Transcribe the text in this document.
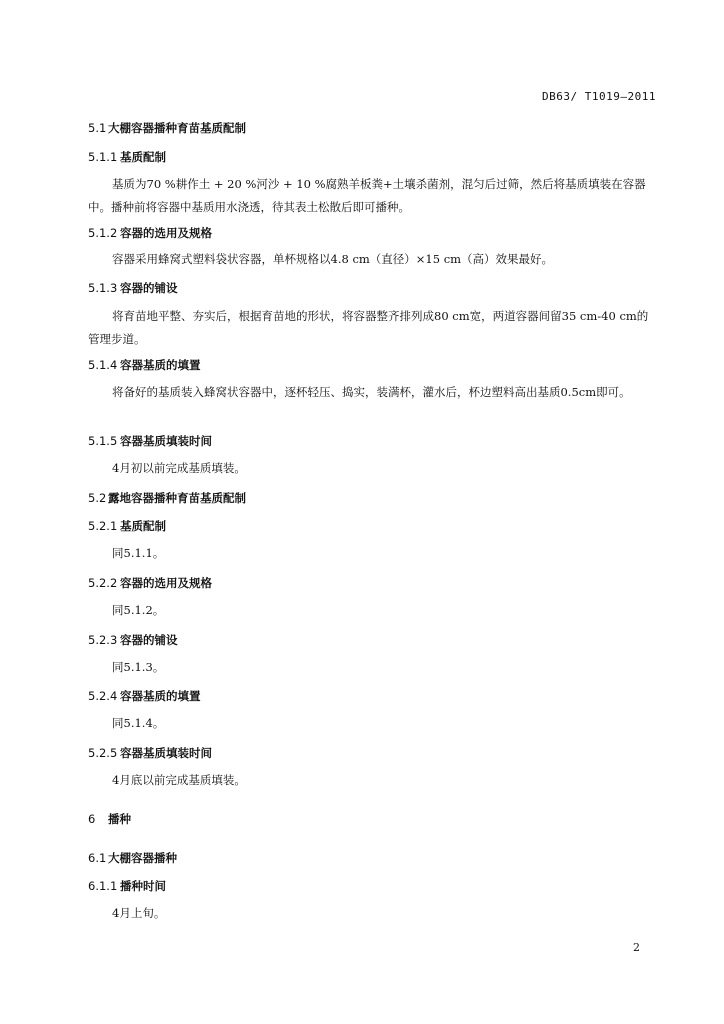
DB63/ T1019—2011
5.1 大棚容器播种育苗基质配制
5.1.1 基质配制
基质为70 %耕作土 + 20 %河沙 + 10 %腐熟羊板粪+土壤杀菌剂，混匀后过筛，然后将基质填装在容器中。播种前将容器中基质用水浇透，待其表土松散后即可播种。
5.1.2 容器的选用及规格
容器采用蜂窝式塑料袋状容器，单杯规格以4.8 cm（直径）×15 cm（高）效果最好。
5.1.3 容器的铺设
将育苗地平整、夯实后，根据育苗地的形状，将容器整齐排列成80 cm宽，两道容器间留35 cm-40 cm的管理步道。
5.1.4 容器基质的填置
将备好的基质装入蜂窝状容器中，逐杯轻压、捣实，装满杯，灌水后，杯边塑料高出基质0.5cm即可。
5.1.5 容器基质填装时间
4月初以前完成基质填装。
5.2 露地容器播种育苗基质配制
5.2.1 基质配制
同5.1.1。
5.2.2 容器的选用及规格
同5.1.2。
5.2.3 容器的铺设
同5.1.3。
5.2.4 容器基质的填置
同5.1.4。
5.2.5 容器基质填装时间
4月底以前完成基质填装。
6 播种
6.1 大棚容器播种
6.1.1 播种时间
4月上旬。
2
